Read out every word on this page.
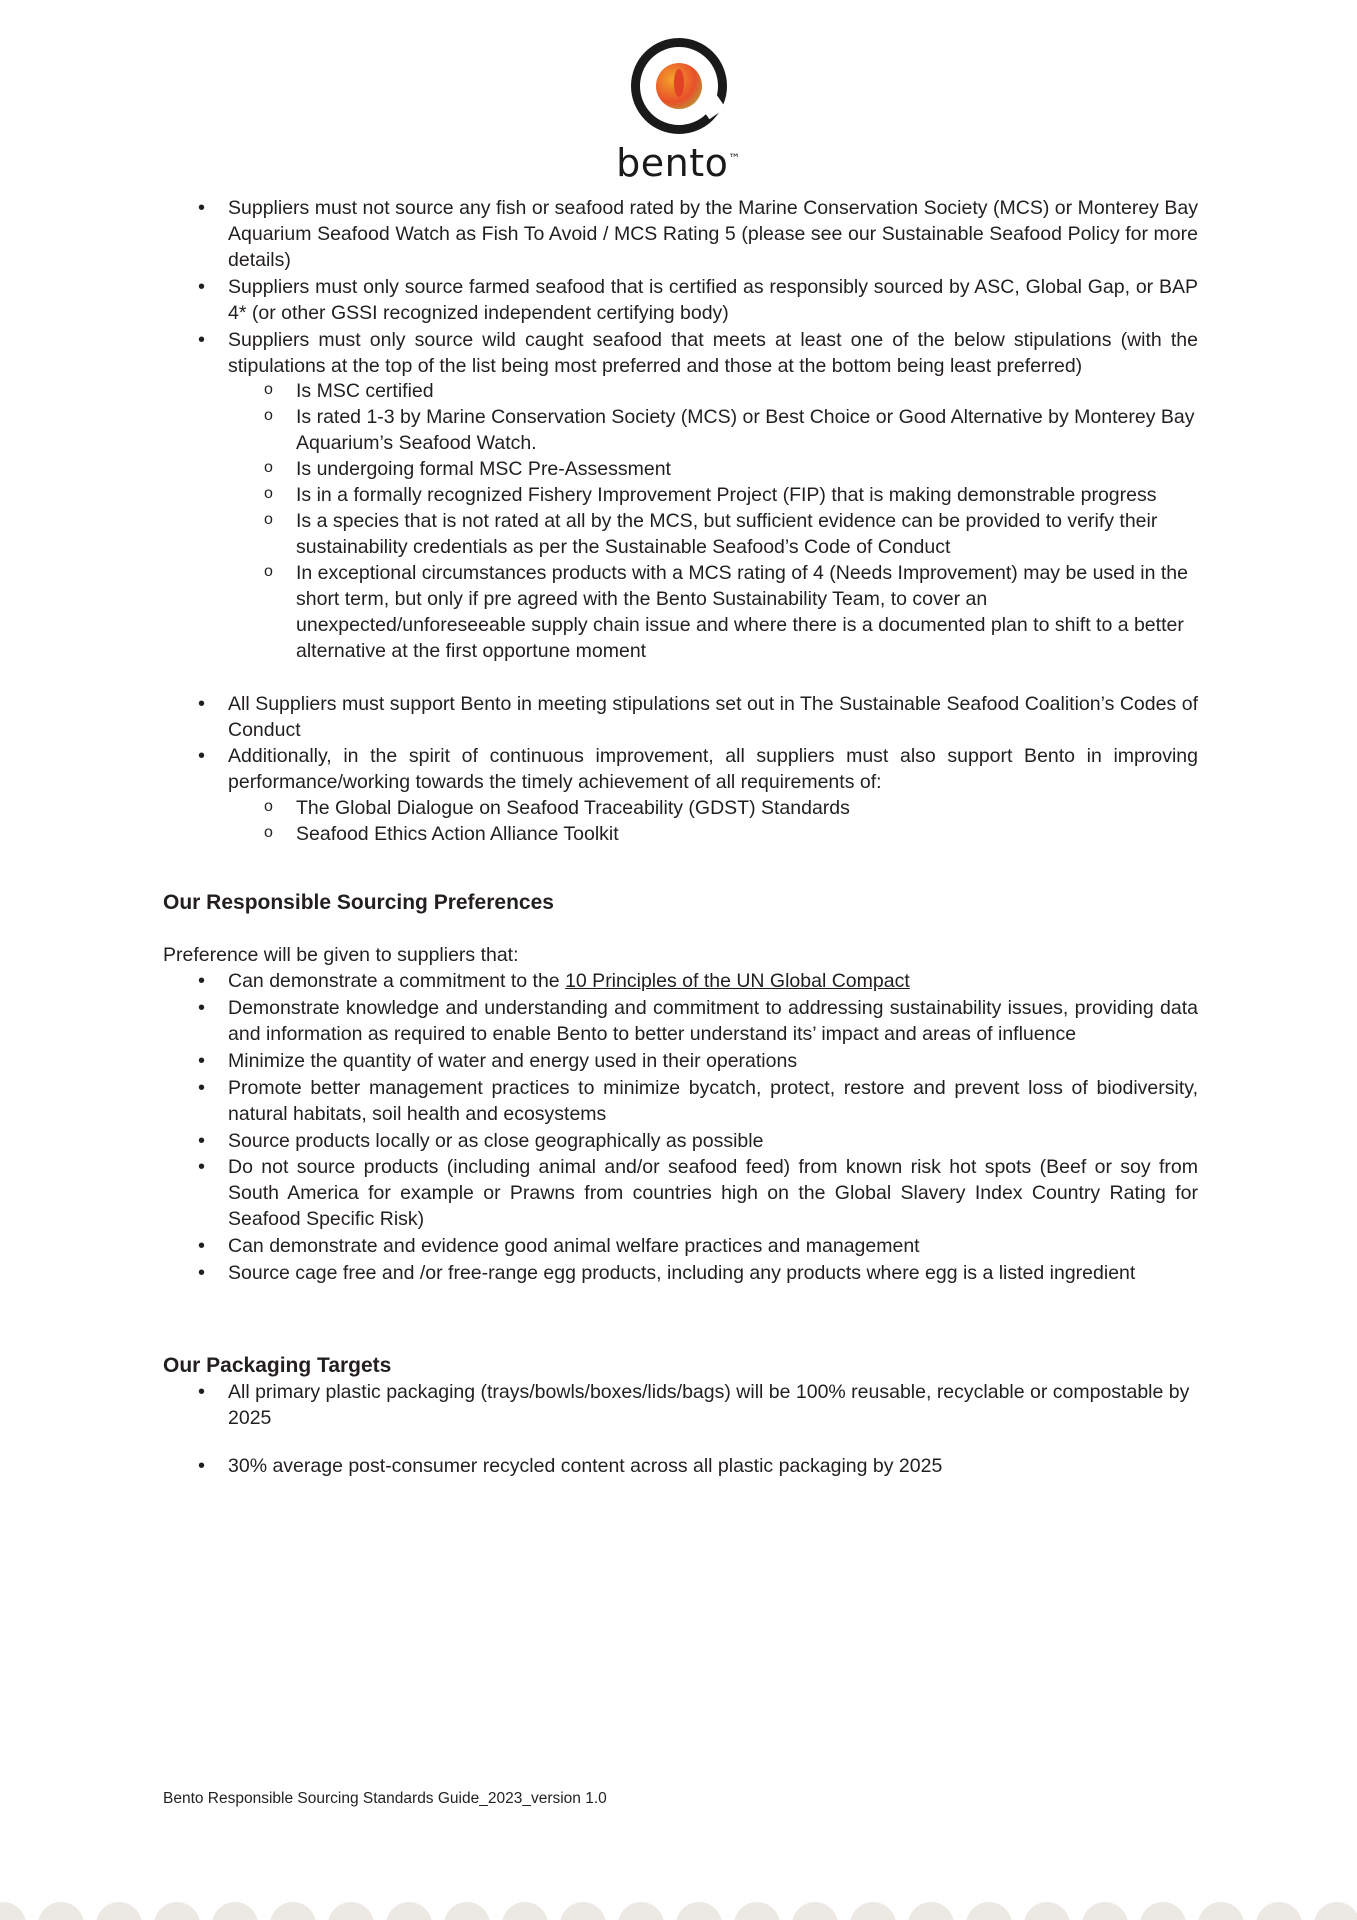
bento™
• Suppliers must not source any fish or seafood rated by the Marine Conservation Society (MCS) or Monterey Bay Aquarium Seafood Watch as Fish To Avoid / MCS Rating 5 (please see our Sustainable Seafood Policy for more details)
• Suppliers must only source farmed seafood that is certified as responsibly sourced by ASC, Global Gap, or BAP 4* (or other GSSI recognized independent certifying body)
• Suppliers must only source wild caught seafood that meets at least one of the below stipulations (with the stipulations at the top of the list being most preferred and those at the bottom being least preferred)
o Is MSC certified
o Is rated 1-3 by Marine Conservation Society (MCS) or Best Choice or Good Alternative by Monterey Bay Aquarium’s Seafood Watch.
o Is undergoing formal MSC Pre-Assessment
o Is in a formally recognized Fishery Improvement Project (FIP) that is making demonstrable progress
o Is a species that is not rated at all by the MCS, but sufficient evidence can be provided to verify their sustainability credentials as per the Sustainable Seafood’s Code of Conduct
o In exceptional circumstances products with a MCS rating of 4 (Needs Improvement) may be used in the short term, but only if pre agreed with the Bento Sustainability Team, to cover an unexpected/unforeseeable supply chain issue and where there is a documented plan to shift to a better alternative at the first opportune moment
• All Suppliers must support Bento in meeting stipulations set out in The Sustainable Seafood Coalition’s Codes of Conduct
• Additionally, in the spirit of continuous improvement, all suppliers must also support Bento in improving performance/working towards the timely achievement of all requirements of:
o The Global Dialogue on Seafood Traceability (GDST) Standards
o Seafood Ethics Action Alliance Toolkit
Our Responsible Sourcing Preferences

Preference will be given to suppliers that:

• Can demonstrate a commitment to the 10 Principles of the UN Global Compact
• Demonstrate knowledge and understanding and commitment to addressing sustainability issues, providing data and information as required to enable Bento to better understand its’ impact and areas of influence
• Minimize the quantity of water and energy used in their operations
• Promote better management practices to minimize bycatch, protect, restore and prevent loss of biodiversity, natural habitats, soil health and ecosystems
• Source products locally or as close geographically as possible
• Do not source products (including animal and/or seafood feed) from known risk hot spots (Beef or soy from South America for example or Prawns from countries high on the Global Slavery Index Country Rating for Seafood Specific Risk)
• Can demonstrate and evidence good animal welfare practices and management
• Source cage free and /or free-range egg products, including any products where egg is a listed ingredient
Our Packaging Targets
• All primary plastic packaging (trays/bowls/boxes/lids/bags) will be 100% reusable, recyclable or compostable by 2025
• 30% average post-consumer recycled content across all plastic packaging by 2025
Bento Responsible Sourcing Standards Guide_2023_version 1.0
